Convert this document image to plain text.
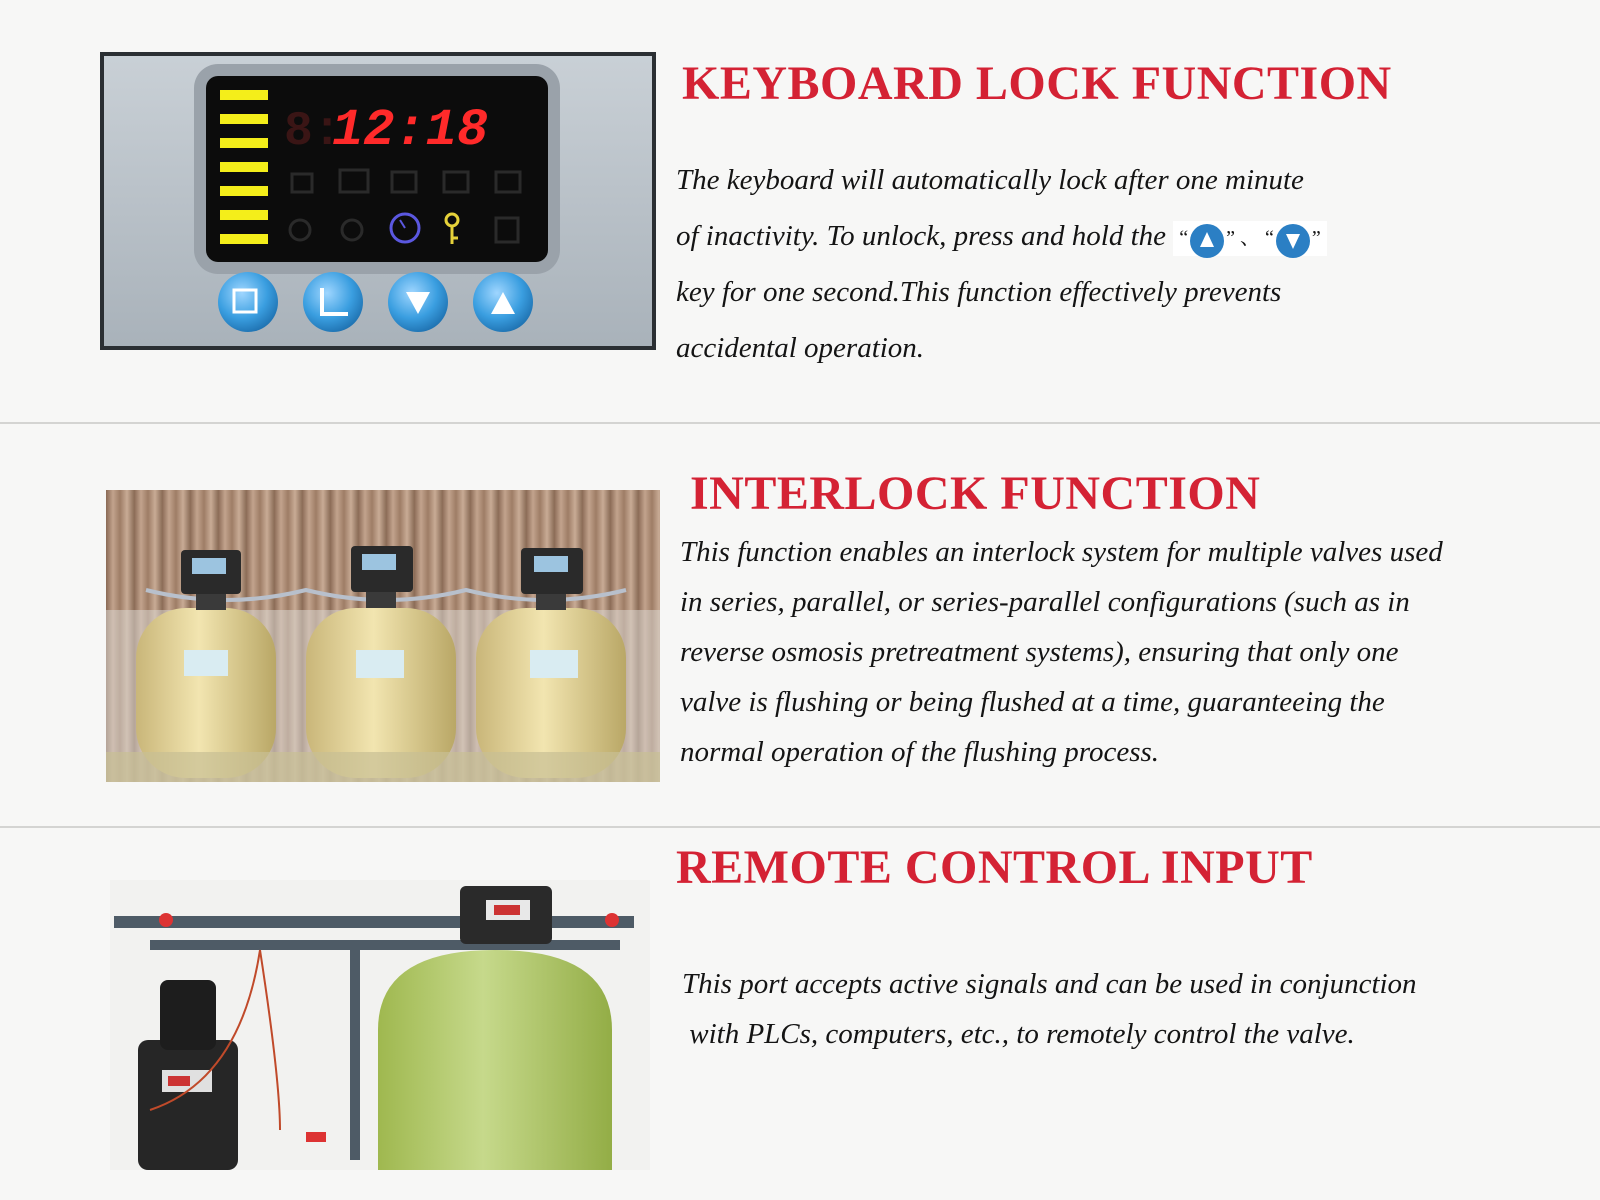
8:
12:18
KEYBOARD LOCK FUNCTION

The keyboard will automatically lock after one minute

of inactivity. To unlock, press and hold the “ ” 、 “ ”

key for one second.This function effectively prevents

accidental operation.

INTERLOCK FUNCTION

This function enables an interlock system for multiple valves used

in series, parallel, or series-parallel configurations (such as in

reverse osmosis pretreatment systems), ensuring that only one

valve is flushing or being flushed at a time, guaranteeing the

normal operation of the flushing process.

REMOTE CONTROL INPUT

This port accepts active signals and can be used in conjunction

with PLCs, computers, etc., to remotely control the valve.
